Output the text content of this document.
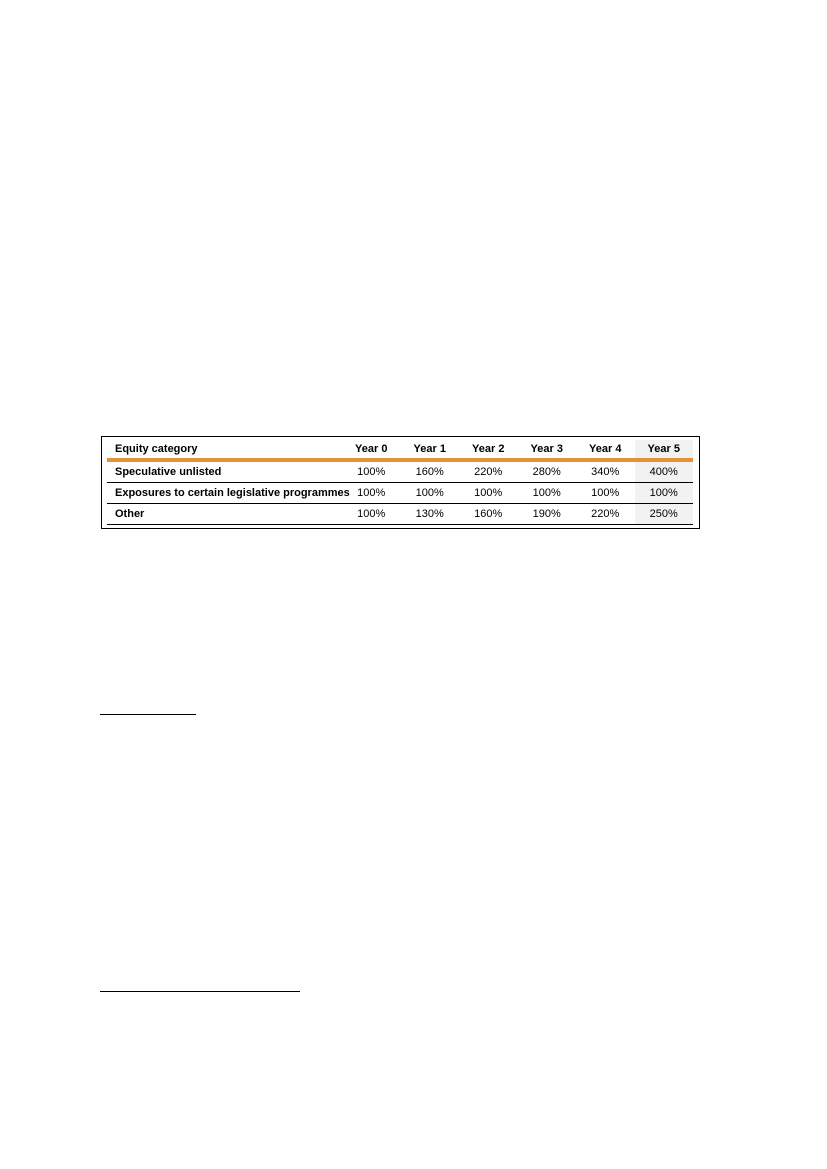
Equity category	Year 0	Year 1	Year 2	Year 3	Year 4	Year 5
Speculative unlisted	100%	160%	220%	280%	340%	400%
Exposures to certain legislative programmes	100%	100%	100%	100%	100%	100%
Other	100%	130%	160%	190%	220%	250%
